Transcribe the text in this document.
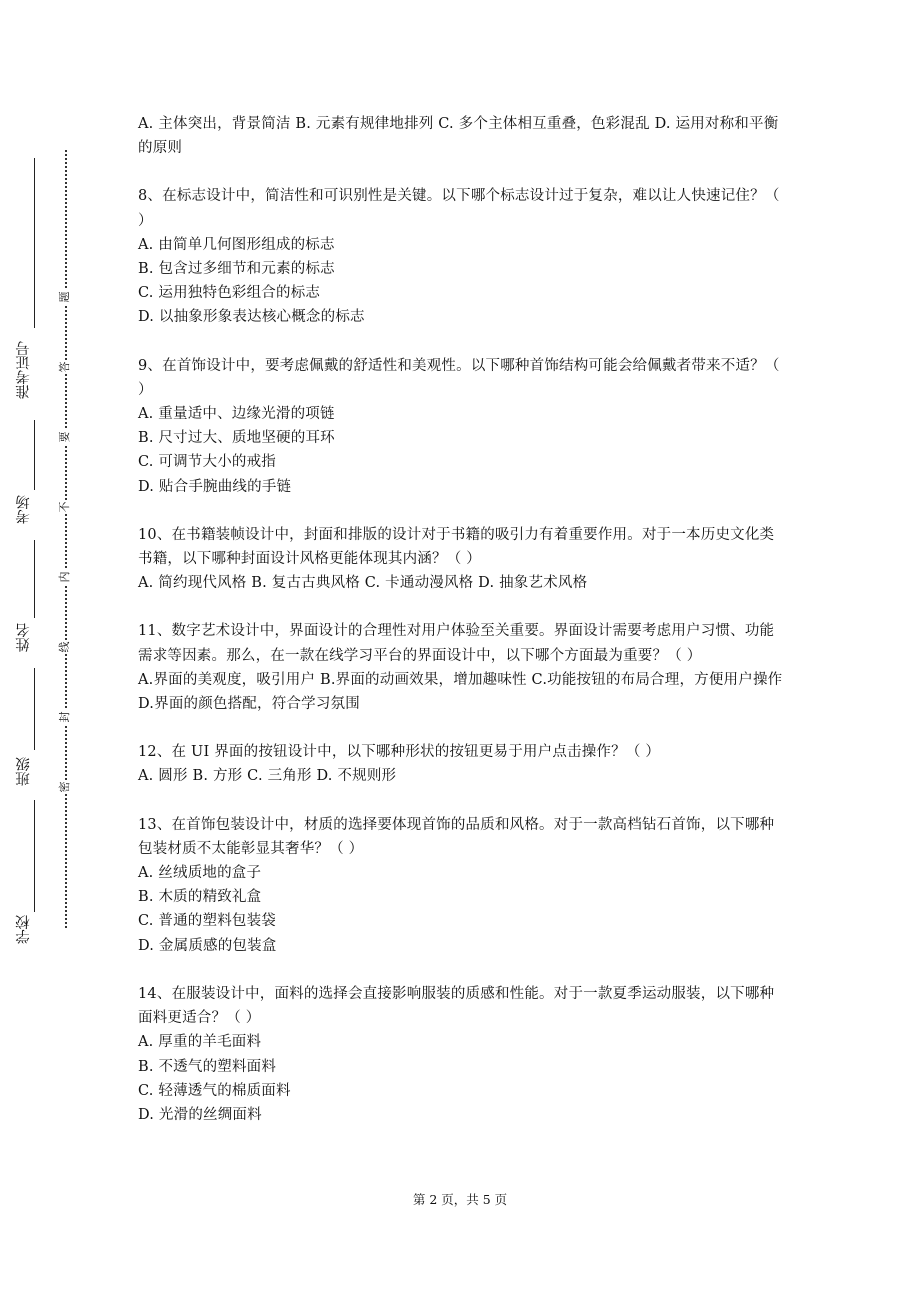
准考证号
考场
姓名
班级
学校
题
答
要
不
内
线
封
密

A. 主体突出，背景简洁 B. 元素有规律地排列 C. 多个主体相互重叠，色彩混乱 D. 运用对称和平衡的原则

8、在标志设计中，简洁性和可识别性是关键。以下哪个标志设计过于复杂，难以让人快速记住？（ ）

A. 由简单几何图形组成的标志
B. 包含过多细节和元素的标志
C. 运用独特色彩组合的标志
D. 以抽象形象表达核心概念的标志

9、在首饰设计中，要考虑佩戴的舒适性和美观性。以下哪种首饰结构可能会给佩戴者带来不适？（ ）

A. 重量适中、边缘光滑的项链
B. 尺寸过大、质地坚硬的耳环
C. 可调节大小的戒指
D. 贴合手腕曲线的手链

10、在书籍装帧设计中，封面和排版的设计对于书籍的吸引力有着重要作用。对于一本历史文化类书籍，以下哪种封面设计风格更能体现其内涵？（ ）

A. 简约现代风格 B. 复古古典风格 C. 卡通动漫风格 D. 抽象艺术风格

11、数字艺术设计中，界面设计的合理性对用户体验至关重要。界面设计需要考虑用户习惯、功能需求等因素。那么，在一款在线学习平台的界面设计中，以下哪个方面最为重要？（ ）

A.界面的美观度，吸引用户 B.界面的动画效果，增加趣味性 C.功能按钮的布局合理，方便用户操作 D.界面的颜色搭配，符合学习氛围

12、在 UI 界面的按钮设计中，以下哪种形状的按钮更易于用户点击操作？（ ）

A. 圆形 B. 方形 C. 三角形 D. 不规则形

13、在首饰包装设计中，材质的选择要体现首饰的品质和风格。对于一款高档钻石首饰，以下哪种包装材质不太能彰显其奢华？（ ）

A. 丝绒质地的盒子
B. 木质的精致礼盒
C. 普通的塑料包装袋
D. 金属质感的包装盒

14、在服装设计中，面料的选择会直接影响服装的质感和性能。对于一款夏季运动服装，以下哪种面料更适合？（ ）

A. 厚重的羊毛面料
B. 不透气的塑料面料
C. 轻薄透气的棉质面料
D. 光滑的丝绸面料
第 2 页，共 5 页
